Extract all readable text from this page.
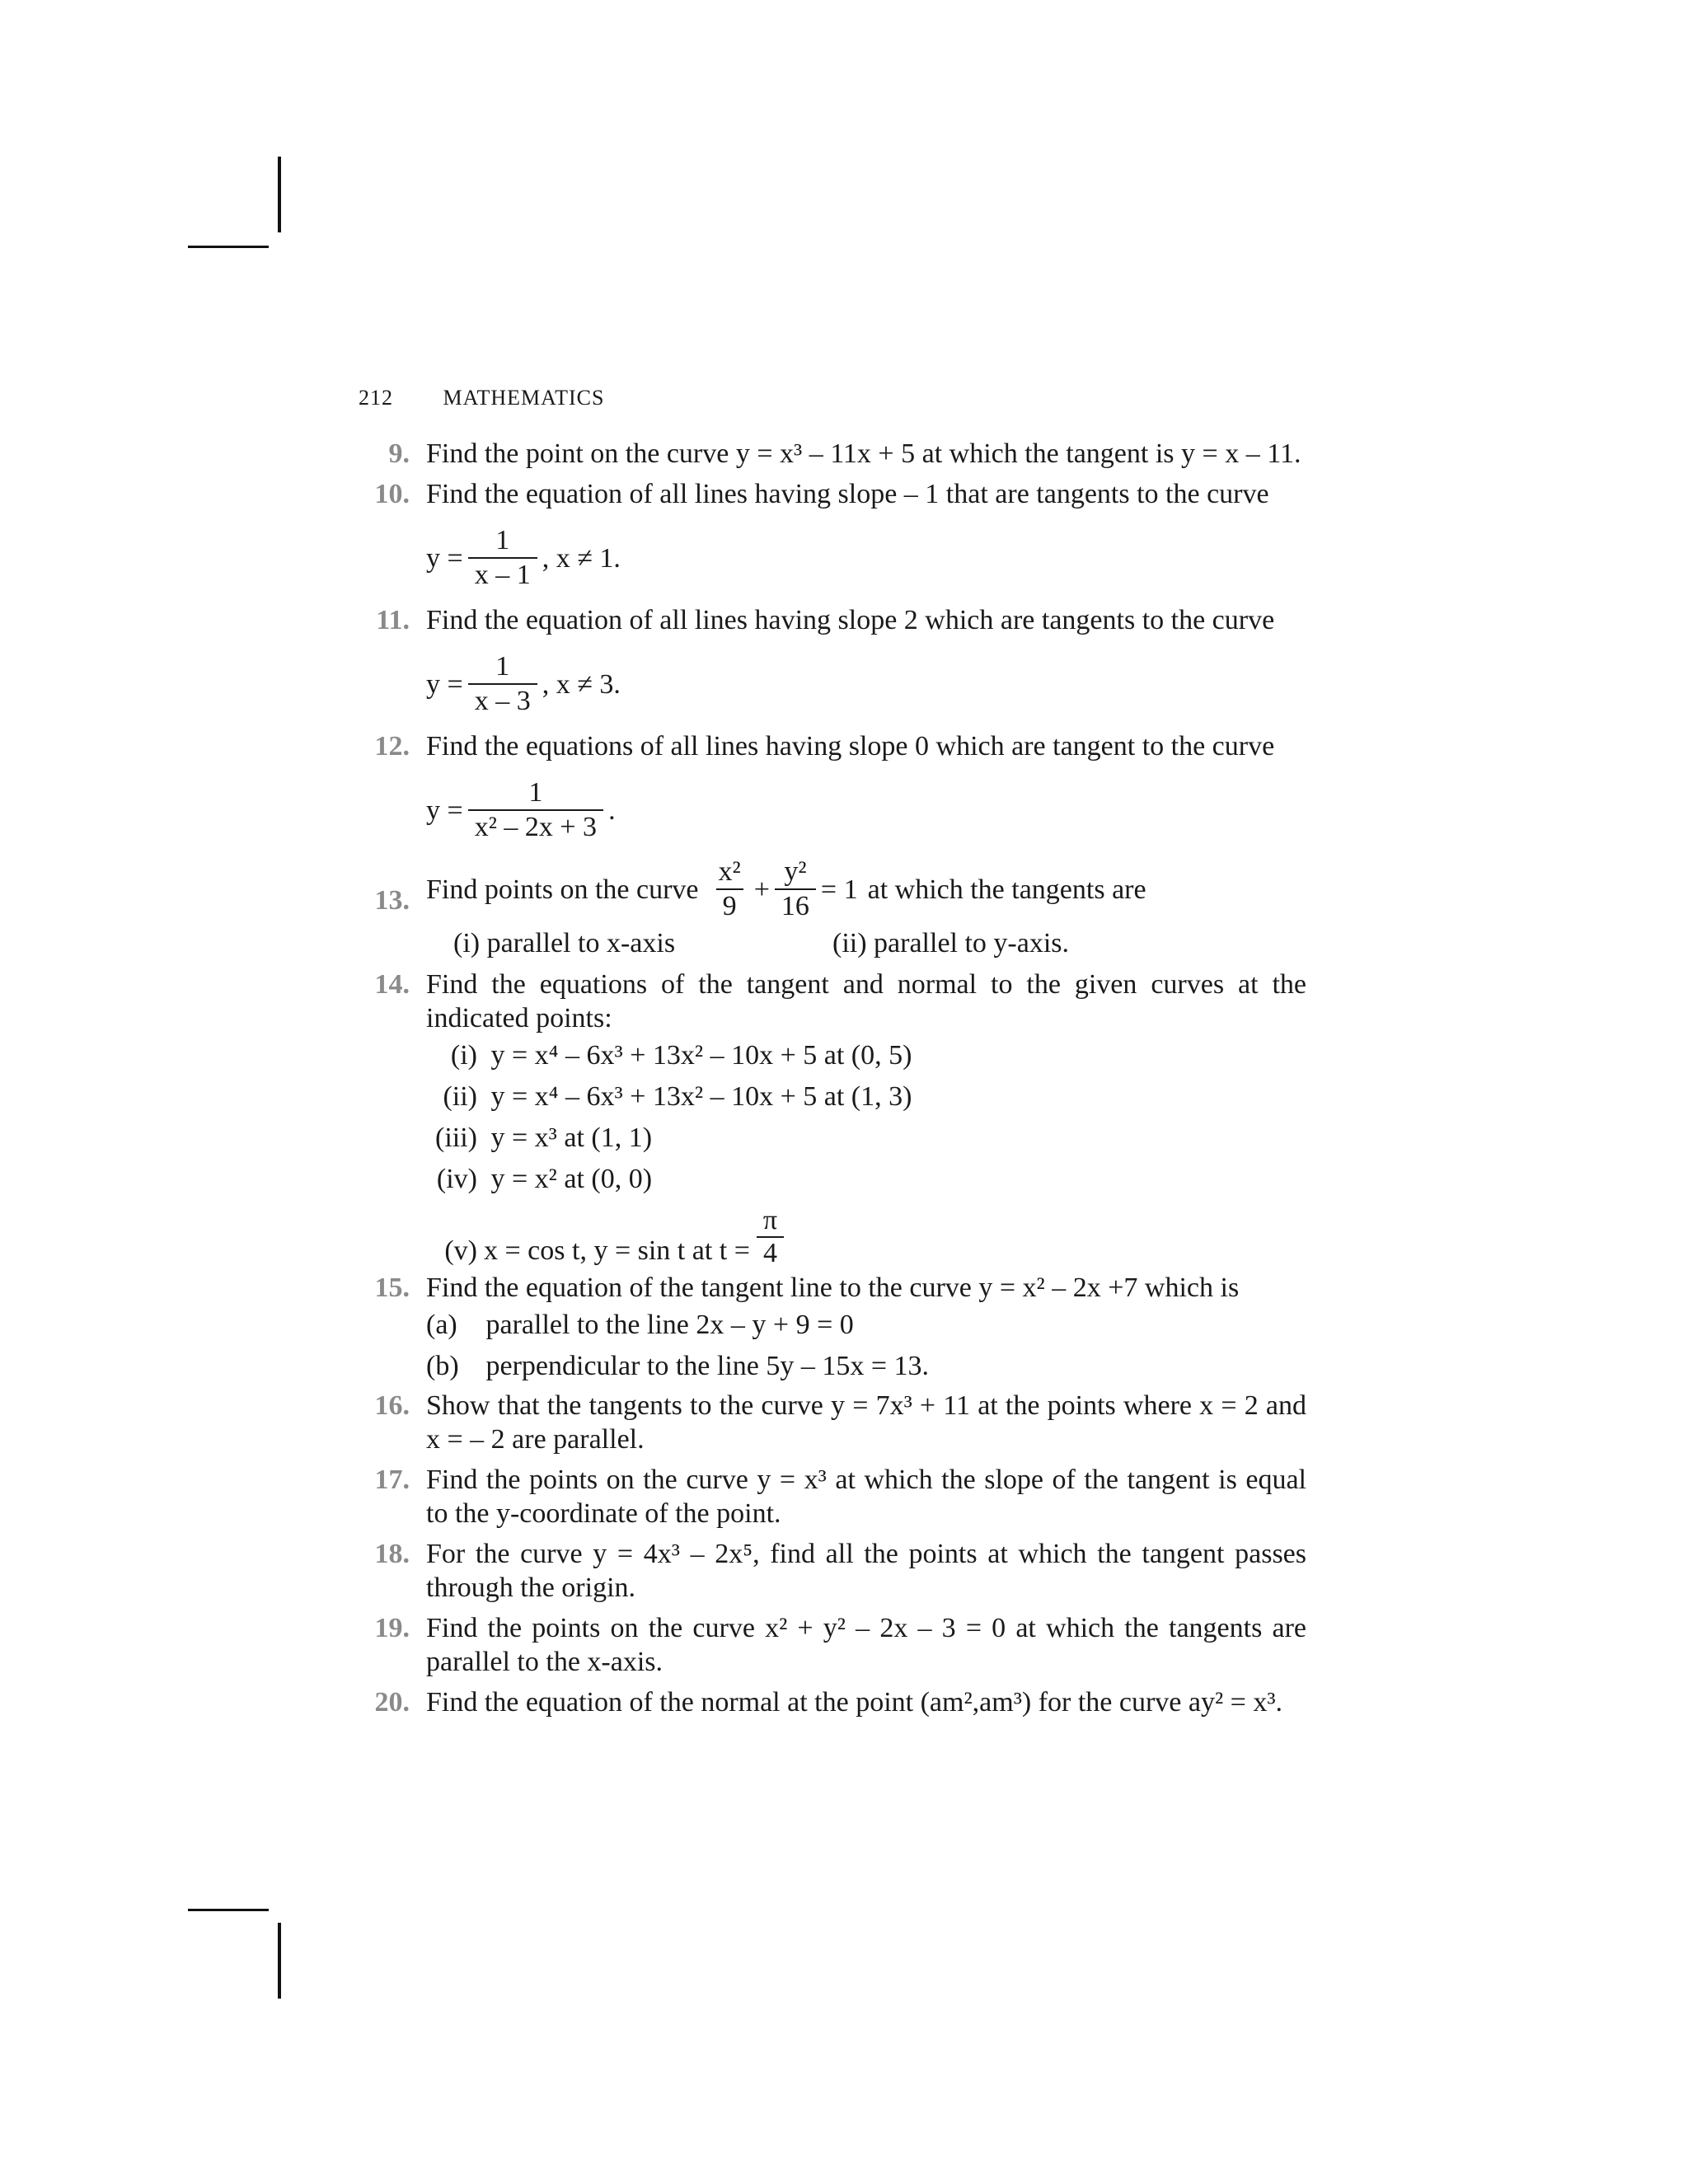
212 MATHEMATICS
9. Find the point on the curve y = x³ – 11x + 5 at which the tangent is y = x – 11.
10. Find the equation of all lines having slope – 1 that are tangents to the curve
$y = \frac{1}{x - 1}$ , x ≠ 1.
11. Find the equation of all lines having slope 2 which are tangents to the curve
$y = \frac{1}{x - 3}$ , x ≠ 3.
12. Find the equations of all lines having slope 0 which are tangent to the curve
$y = \frac{1}{\text{x² – 2x + 3}}$ .
13. Find points on the curve $\frac{\text{x²}}{9} + \frac{\text{y²}}{16} = 1$ at which the tangents are
(i) parallel to x-axis	(ii) parallel to y-axis.
14. Find the equations of the tangent and normal to the given curves at the indicated points:
(i) y = x⁴ – 6x³ + 13x² – 10x + 5 at (0, 5)
(ii) y = x⁴ – 6x³ + 13x² – 10x + 5 at (1, 3)
(iii) y = x³ at (1, 1)
(iv) y = x² at (0, 0)
(v) x = cos t, y = sin t at $t = \frac{\pi}{4}$
15. Find the equation of the tangent line to the curve y = x² – 2x +7 which is
(a) parallel to the line 2x – y + 9 = 0
(b) perpendicular to the line 5y – 15x = 13.
16. Show that the tangents to the curve y = 7x³ + 11 at the points where x = 2 and x = – 2 are parallel.
17. Find the points on the curve y = x³ at which the slope of the tangent is equal to the y-coordinate of the point.
18. For the curve y = 4x³ – 2x⁵, find all the points at which the tangent passes through the origin.
19. Find the points on the curve x² + y² – 2x – 3 = 0 at which the tangents are parallel to the x-axis.
20. Find the equation of the normal at the point (am²,am³) for the curve ay² = x³.
